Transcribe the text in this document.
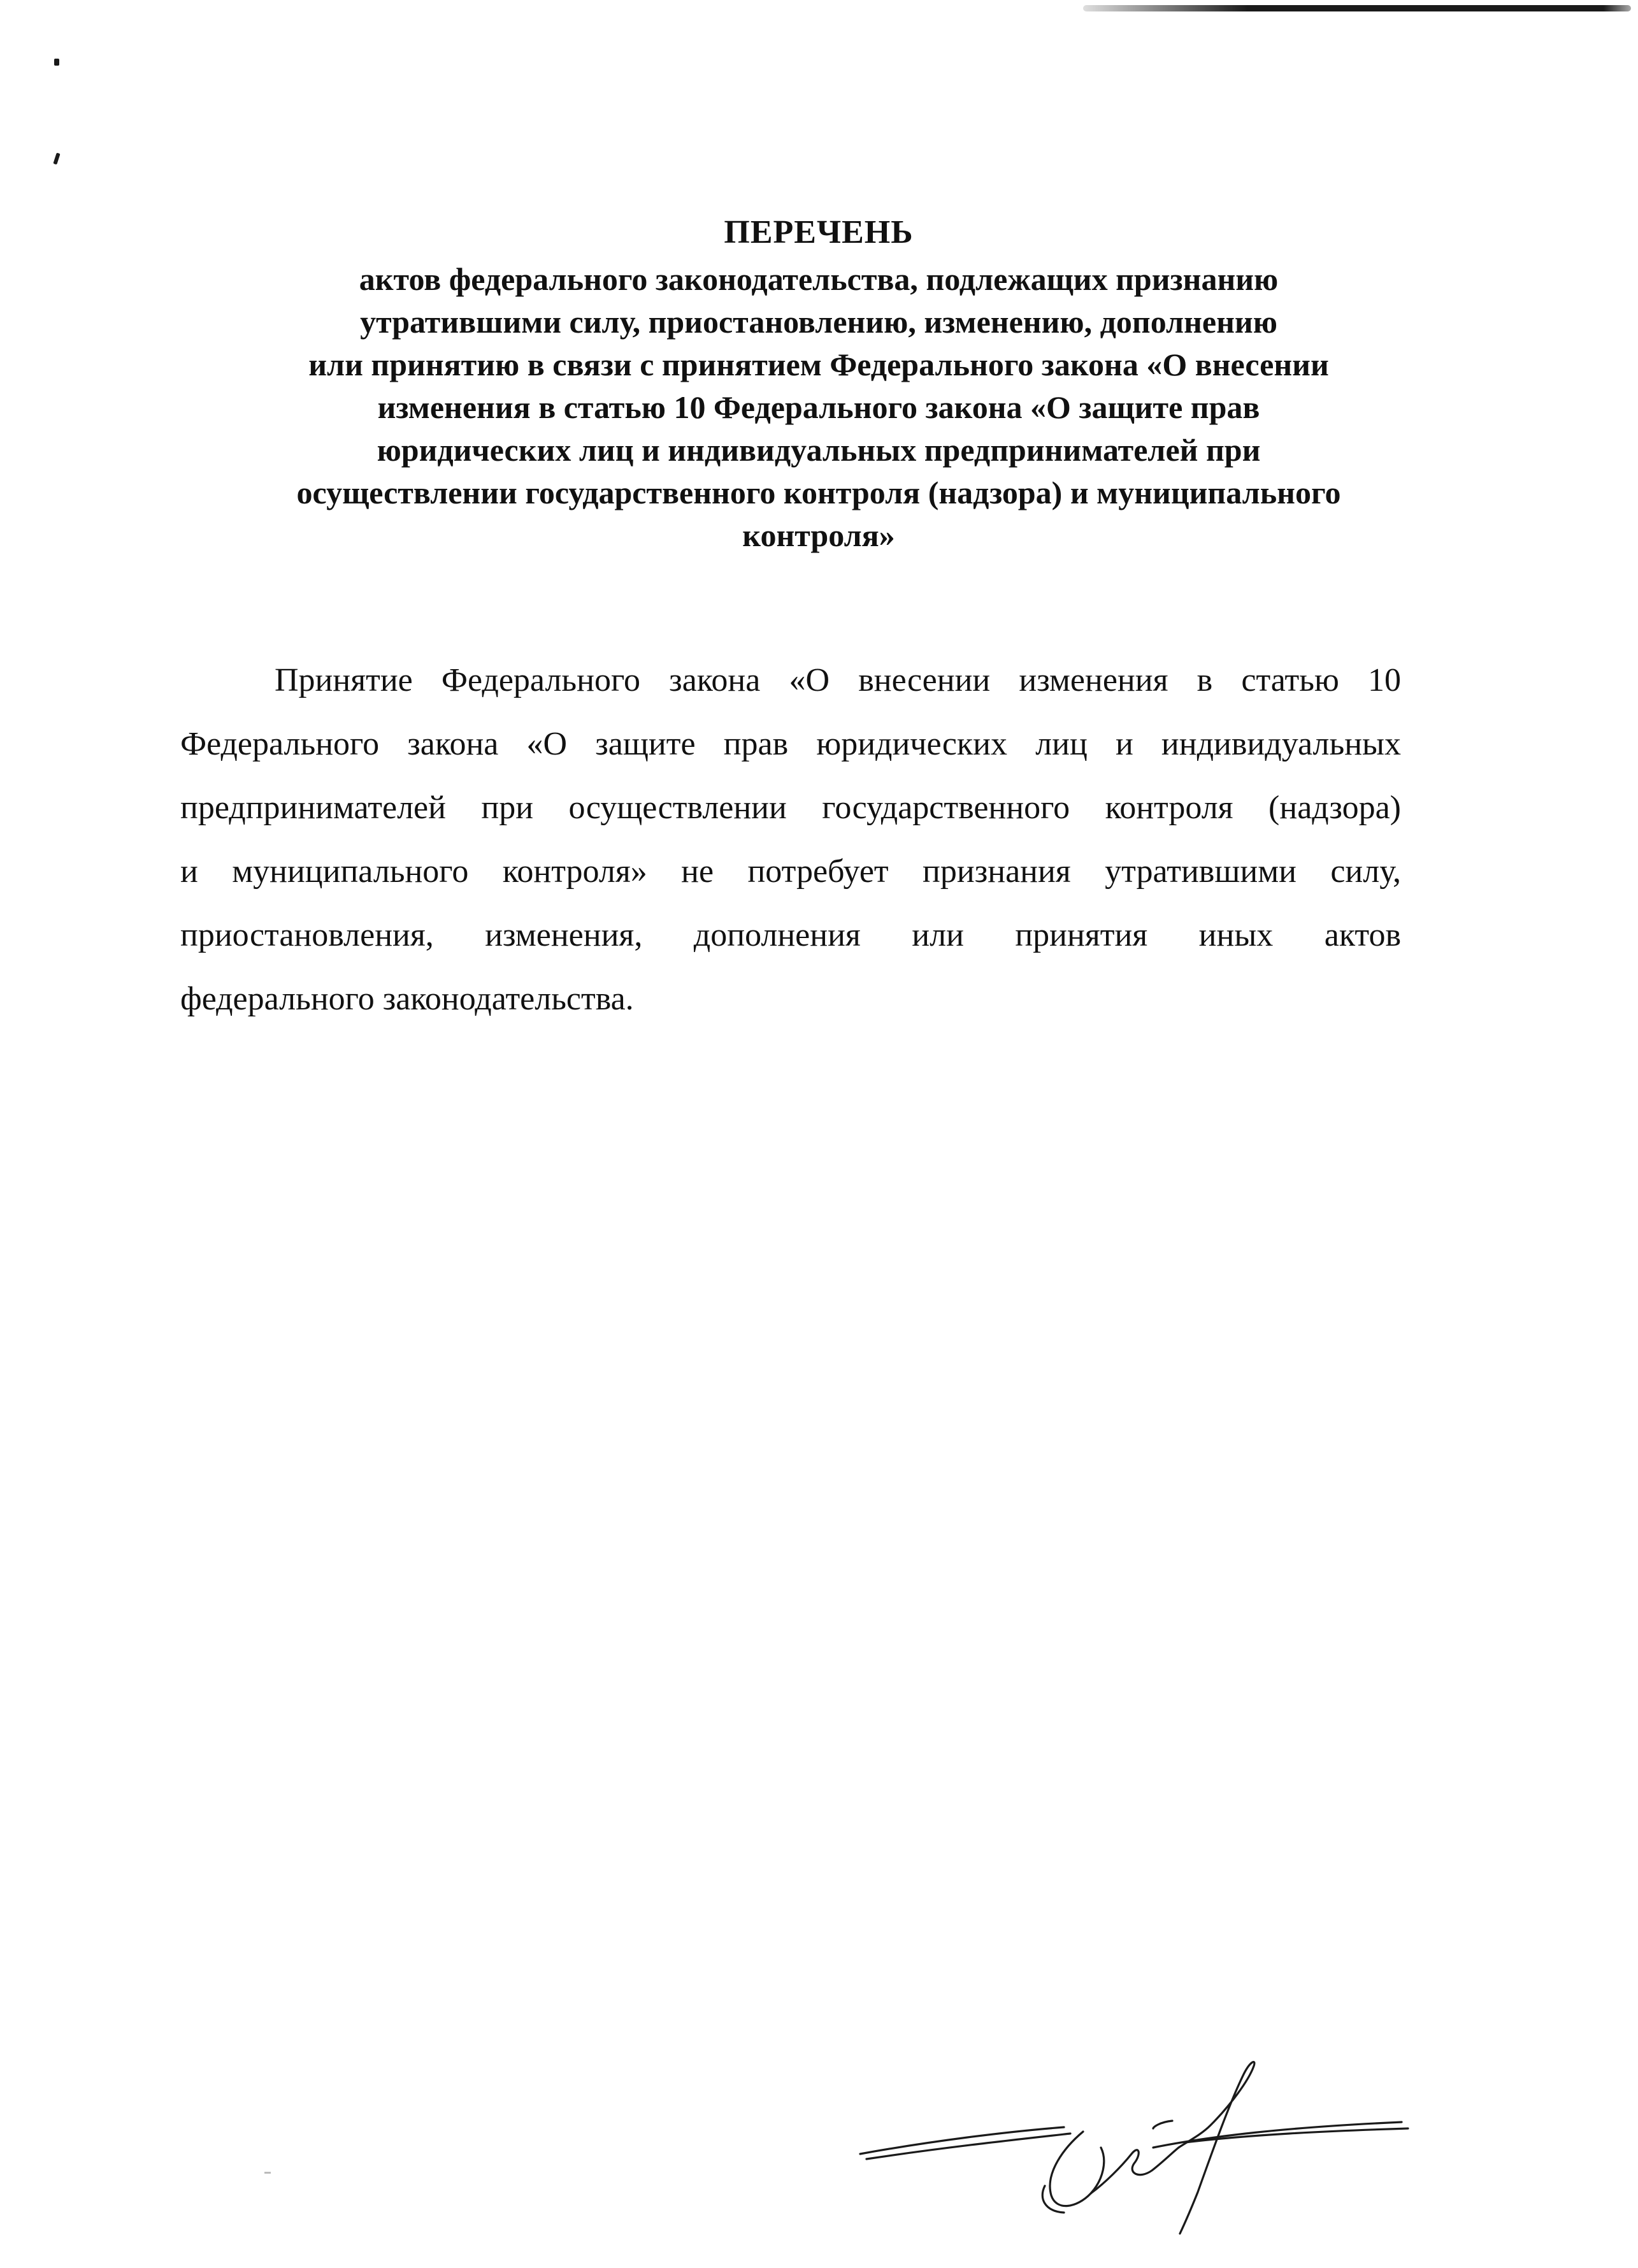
ПЕРЕЧЕНЬ
актов федерального законодательства, подлежащих признанию
утратившими силу, приостановлению, изменению, дополнению
или принятию в связи с принятием Федерального закона «О внесении
изменения в статью 10 Федерального закона «О защите прав
юридических лиц и индивидуальных предпринимателей при
осуществлении государственного контроля (надзора) и муниципального
контроля»
Принятие Федерального закона «О внесении изменения в статью 10
Федерального закона «О защите прав юридических лиц и индивидуальных
предпринимателей при осуществлении государственного контроля (надзора)
и муниципального контроля» не потребует признания утратившими силу,
приостановления, изменения, дополнения или принятия иных актов
федерального законодательства.
